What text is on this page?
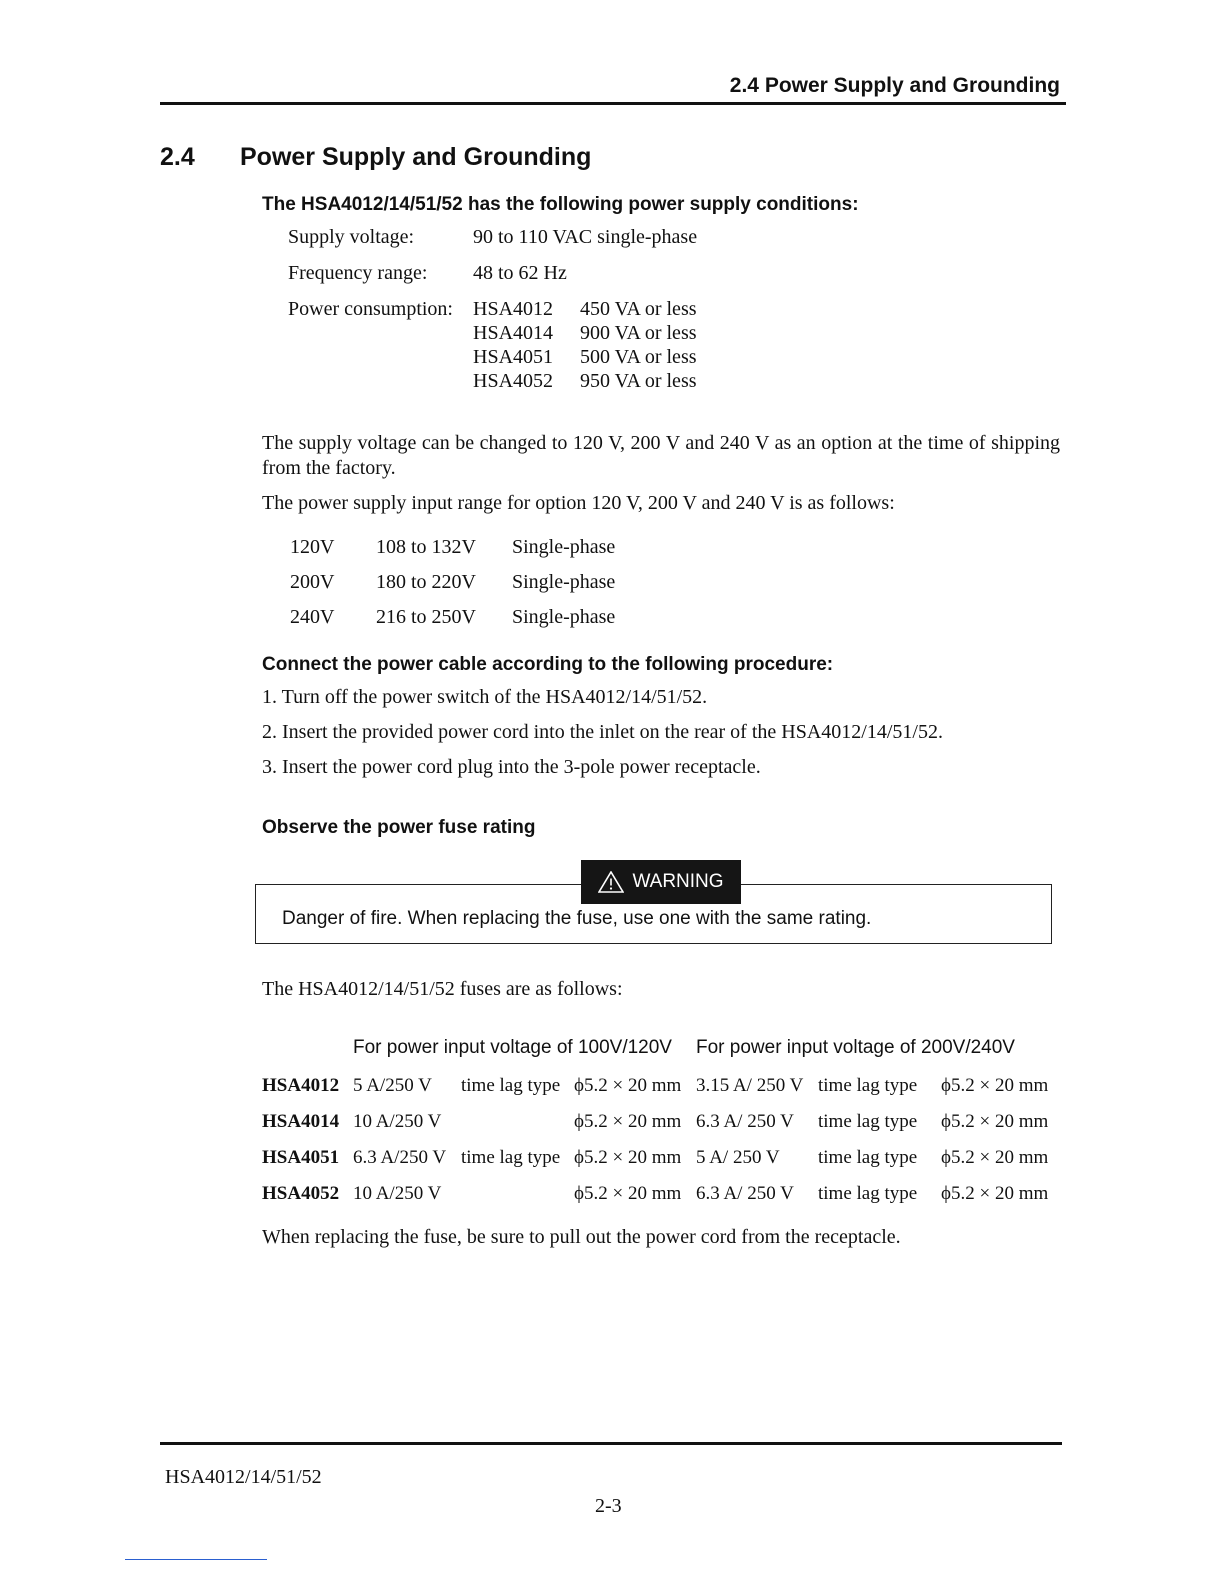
2.4 Power Supply and Grounding
2.4 Power Supply and Grounding
The HSA4012/14/51/52 has the following power supply conditions:
Supply voltage:	90 to 110 VAC single-phase	
Frequency range:	48 to 62 Hz	
Power consumption:	HSA4012	450 VA or less
	HSA4014	900 VA or less
	HSA4051	500 VA or less
	HSA4052	950 VA or less
The supply voltage can be changed to 120 V, 200 V and 240 V as an option at the time of shipping from the factory.
The power supply input range for option 120 V, 200 V and 240 V is as follows:
120V	108 to 132V	Single-phase
200V	180 to 220V	Single-phase
240V	216 to 250V	Single-phase
Connect the power cable according to the following procedure:
1. Turn off the power switch of the HSA4012/14/51/52.
2. Insert the provided power cord into the inlet on the rear of the HSA4012/14/51/52.
3. Insert the power cord plug into the 3-pole power receptacle.
Observe the power fuse rating
WARNING
Danger of fire. When replacing the fuse, use one with the same rating.
The HSA4012/14/51/52 fuses are as follows:
For power input voltage of 100V/120V For power input voltage of 200V/240V
HSA4012	5 A/250 V	time lag type	ϕ5.2 × 20 mm	3.15 A/ 250 V	time lag type	ϕ5.2 × 20 mm
HSA4014	10 A/250 V		ϕ5.2 × 20 mm	6.3 A/ 250 V	time lag type	ϕ5.2 × 20 mm
HSA4051	6.3 A/250 V	time lag type	ϕ5.2 × 20 mm	5 A/ 250 V	time lag type	ϕ5.2 × 20 mm
HSA4052	10 A/250 V		ϕ5.2 × 20 mm	6.3 A/ 250 V	time lag type	ϕ5.2 × 20 mm
When replacing the fuse, be sure to pull out the power cord from the receptacle.
HSA4012/14/51/52
2-3
